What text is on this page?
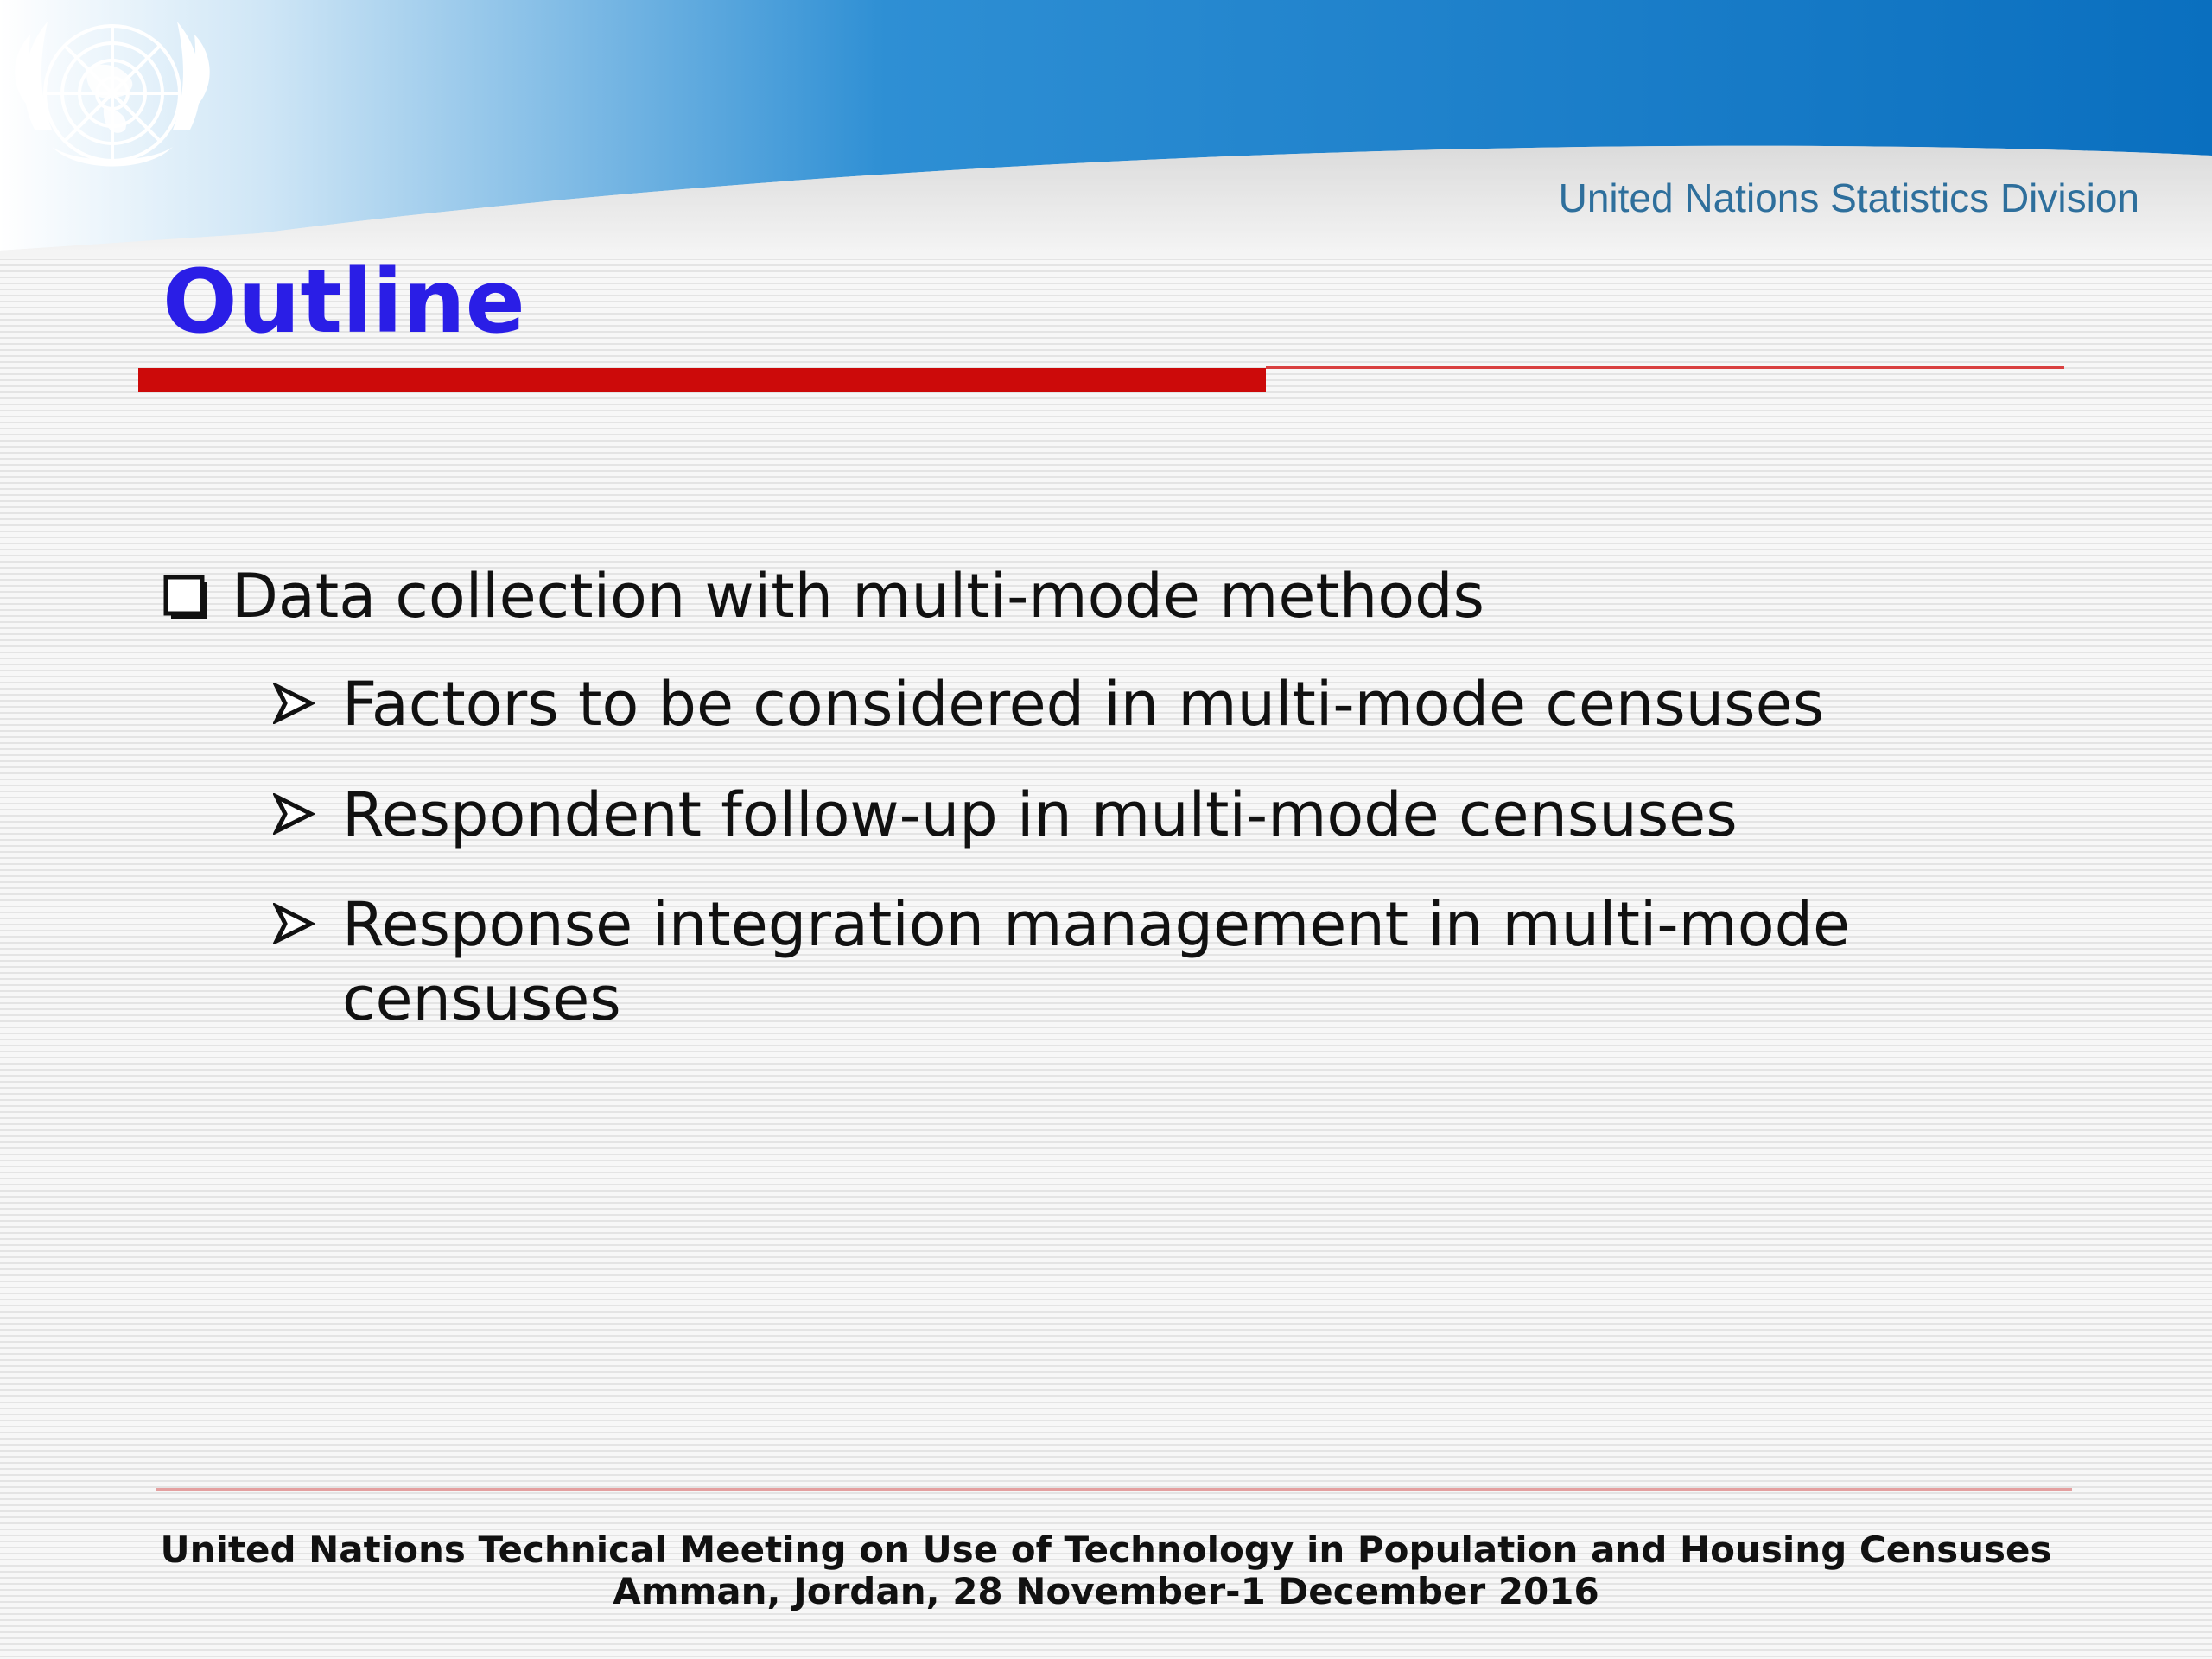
United Nations Statistics Division
Outline
Data collection with multi-mode methods
Factors to be considered in multi-mode censuses
Respondent follow-up in multi-mode censuses
Response integration management in multi-mode censuses
United Nations Technical Meeting on Use of Technology in Population and Housing Censuses
Amman, Jordan, 28 November-1 December 2016
